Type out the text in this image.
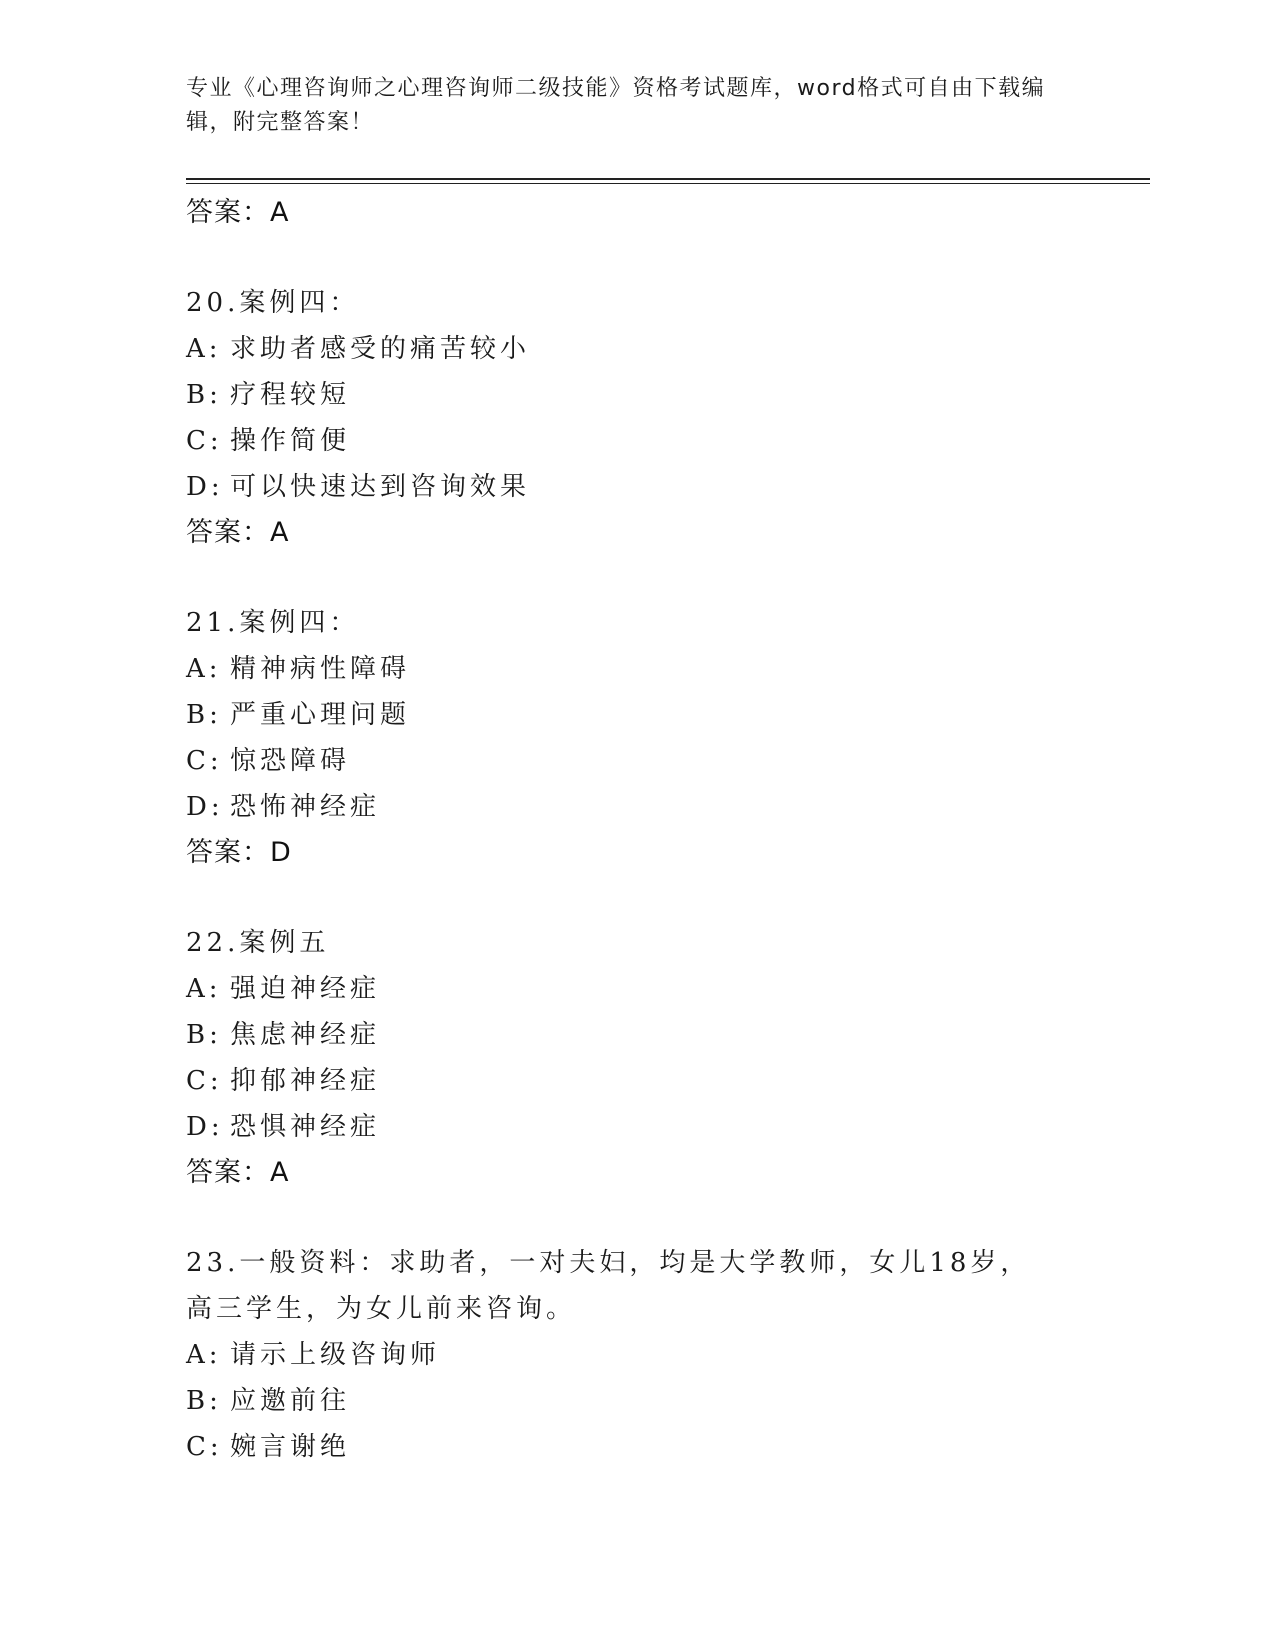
专业《心理咨询师之心理咨询师二级技能》资格考试题库，word格式可自由下载编辑，附完整答案！
答案：A
20.案例四：
A: 求助者感受的痛苦较小
B: 疗程较短
C: 操作简便
D: 可以快速达到咨询效果
答案：A
21.案例四：
A: 精神病性障碍
B: 严重心理问题
C: 惊恐障碍
D: 恐怖神经症
答案：D
22.案例五
A: 强迫神经症
B: 焦虑神经症
C: 抑郁神经症
D: 恐惧神经症
答案：A
23.一般资料：求助者，一对夫妇，均是大学教师，女儿18岁，高三学生，为女儿前来咨询。
A: 请示上级咨询师
B: 应邀前往
C: 婉言谢绝
